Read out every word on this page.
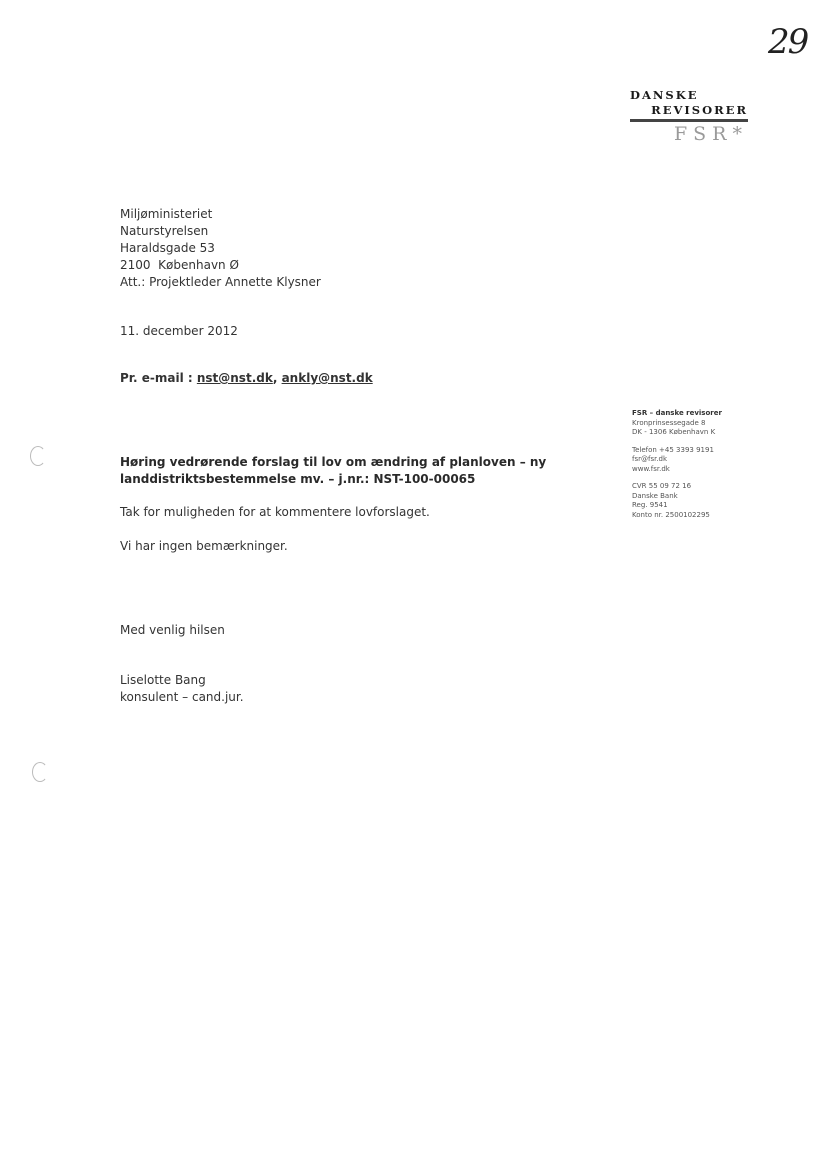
29
DANSKE
REVISORER
FSR*
Miljøministeriet
Naturstyrelsen
Haraldsgade 53
2100  København Ø
Att.: Projektleder Annette Klysner
11. december 2012
Pr. e-mail : nst@nst.dk, ankly@nst.dk
FSR – danske revisorer
Kronprinsessegade 8
DK - 1306 København K
Telefon +45 3393 9191
fsr@fsr.dk
www.fsr.dk
CVR 55 09 72 16
Danske Bank
Reg. 9541
Konto nr. 2500102295
Høring vedrørende forslag til lov om ændring af planloven – ny
landdistriktsbestemmelse mv. – j.nr.: NST-100-00065
Tak for muligheden for at kommentere lovforslaget.
Vi har ingen bemærkninger.
Med venlig hilsen
Liselotte Bang
konsulent – cand.jur.
